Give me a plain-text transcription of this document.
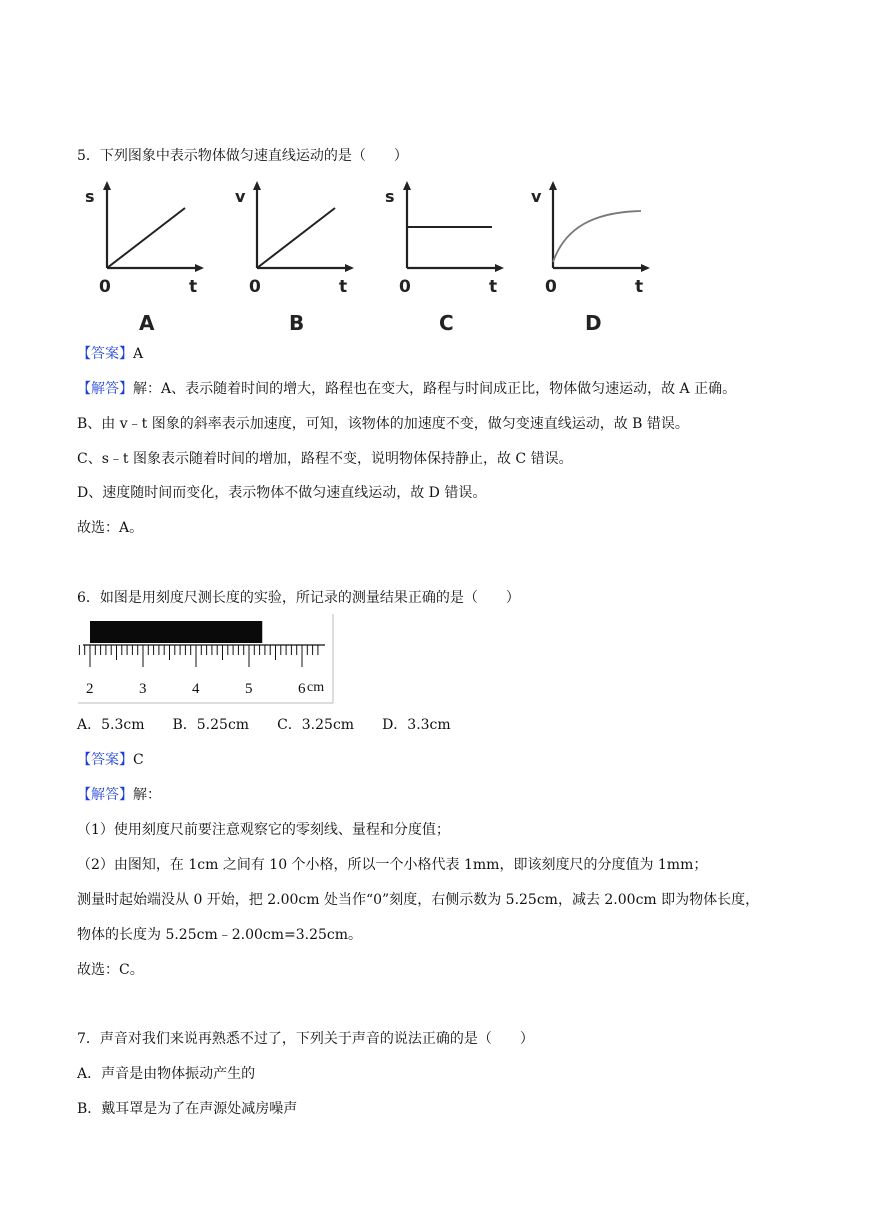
5．下列图象中表示物体做匀速直线运动的是（　　）
s
0	t
A
v
0	t
B
s
0	t
C
v
0	t
D
【答案】A
【解答】解：A、表示随着时间的增大，路程也在变大，路程与时间成正比，物体做匀速运动，故 A 正确。
B、由 v﹣t 图象的斜率表示加速度，可知，该物体的加速度不变，做匀变速直线运动，故 B 错误。
C、s﹣t 图象表示随着时间的增加，路程不变，说明物体保持静止，故 C 错误。
D、速度随时间而变化，表示物体不做匀速直线运动，故 D 错误。
故选：A。
6．如图是用刻度尺测长度的实验，所记录的测量结果正确的是（　　）
2	3	4	5	6 cm
A．5.3cm　　B．5.25cm　　C．3.25cm　　D．3.3cm
【答案】C
【解答】解：
（1）使用刻度尺前要注意观察它的零刻线、量程和分度值；
（2）由图知，在 1cm 之间有 10 个小格，所以一个小格代表 1mm，即该刻度尺的分度值为 1mm；
测量时起始端没从 0 开始，把 2.00cm 处当作“0”刻度，右侧示数为 5.25cm，减去 2.00cm 即为物体长度，
物体的长度为 5.25cm﹣2.00cm=3.25cm。
故选：C。
7．声音对我们来说再熟悉不过了，下列关于声音的说法正确的是（　　）
A．声音是由物体振动产生的
B．戴耳罩是为了在声源处减房噪声
